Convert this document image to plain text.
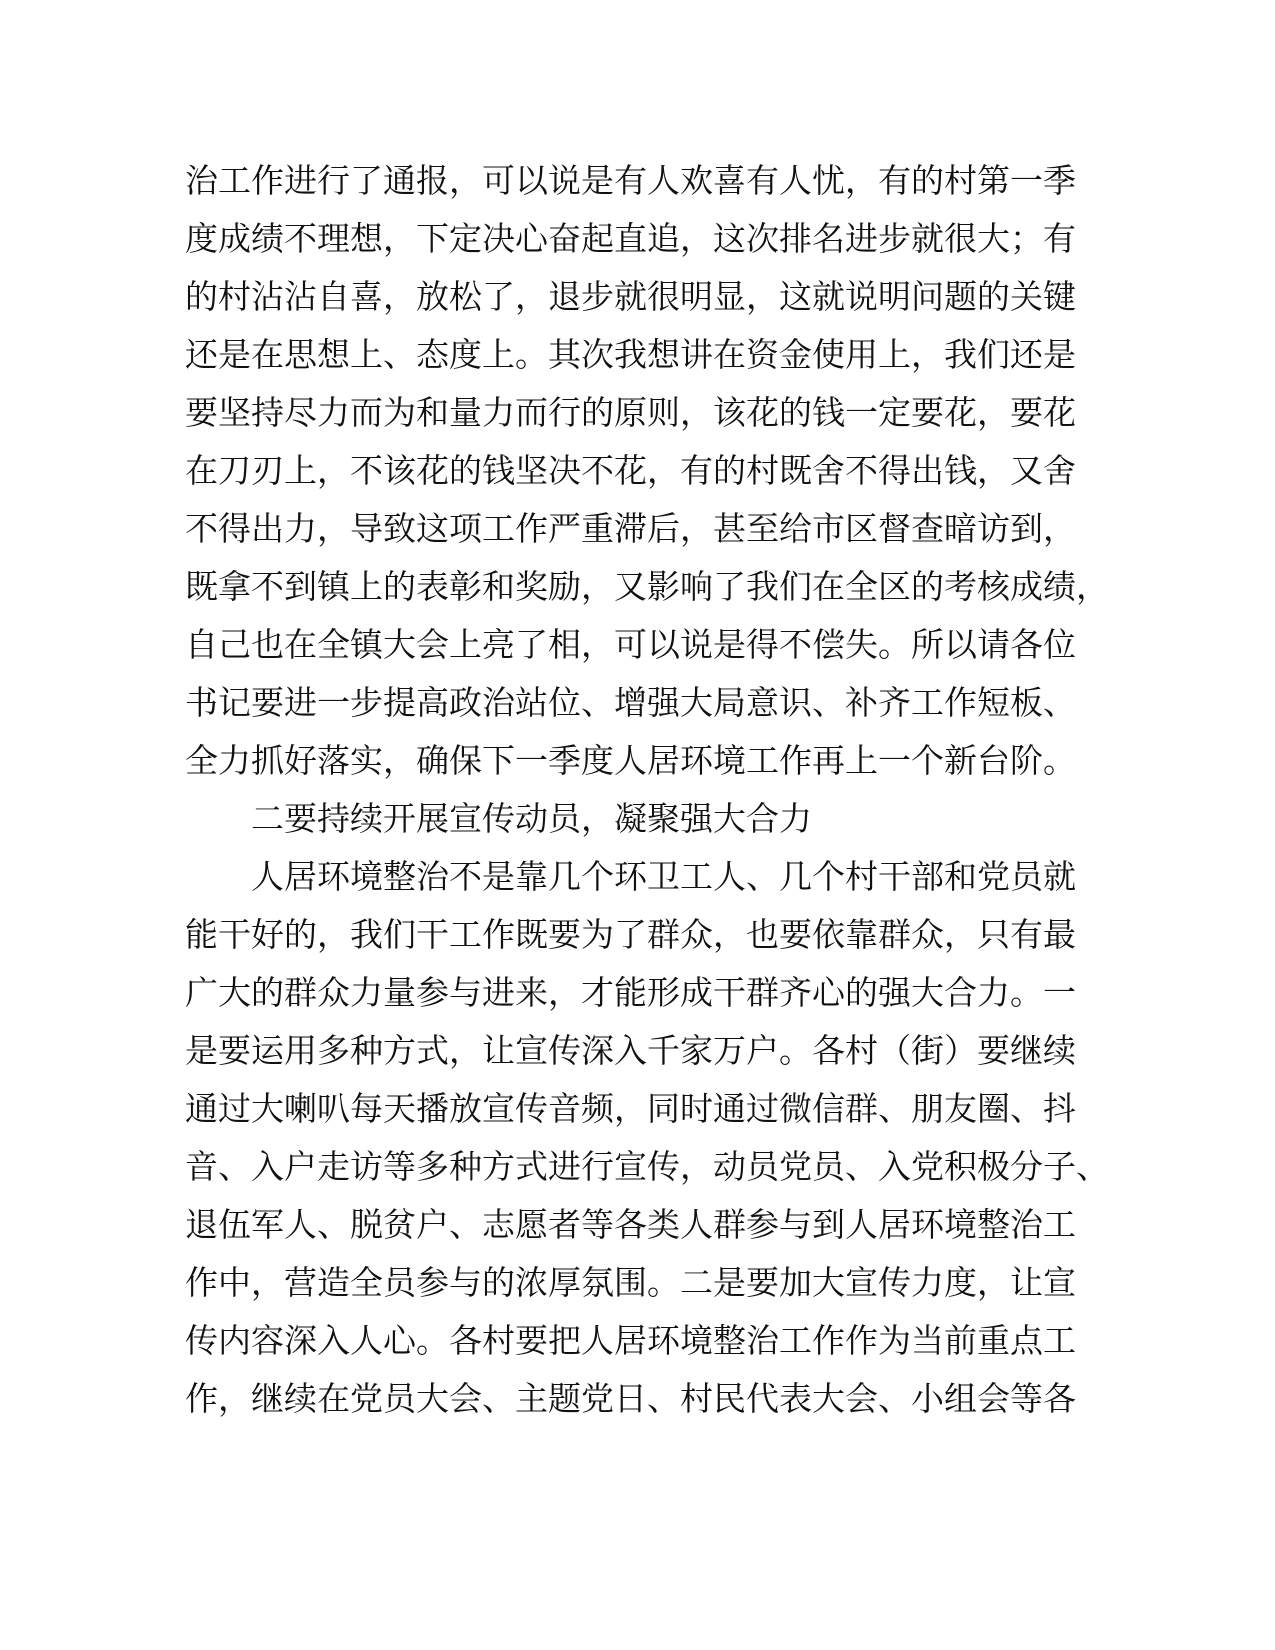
治工作进行了通报，可以说是有人欢喜有人忧，有的村第一季
度成绩不理想，下定决心奋起直追，这次排名进步就很大；有
的村沾沾自喜，放松了，退步就很明显，这就说明问题的关键
还是在思想上、态度上。其次我想讲在资金使用上，我们还是
要坚持尽力而为和量力而行的原则，该花的钱一定要花，要花
在刀刃上，不该花的钱坚决不花，有的村既舍不得出钱，又舍
不得出力，导致这项工作严重滞后，甚至给市区督查暗访到，
既拿不到镇上的表彰和奖励，又影响了我们在全区的考核成绩，
自己也在全镇大会上亮了相，可以说是得不偿失。所以请各位
书记要进一步提高政治站位、增强大局意识、补齐工作短板、
全力抓好落实，确保下一季度人居环境工作再上一个新台阶。
二要持续开展宣传动员，凝聚强大合力
人居环境整治不是靠几个环卫工人、几个村干部和党员就
能干好的，我们干工作既要为了群众，也要依靠群众，只有最
广大的群众力量参与进来，才能形成干群齐心的强大合力。一
是要运用多种方式，让宣传深入千家万户。各村（街）要继续
通过大喇叭每天播放宣传音频，同时通过微信群、朋友圈、抖
音、入户走访等多种方式进行宣传，动员党员、入党积极分子、
退伍军人、脱贫户、志愿者等各类人群参与到人居环境整治工
作中，营造全员参与的浓厚氛围。二是要加大宣传力度，让宣
传内容深入人心。各村要把人居环境整治工作作为当前重点工
作，继续在党员大会、主题党日、村民代表大会、小组会等各
